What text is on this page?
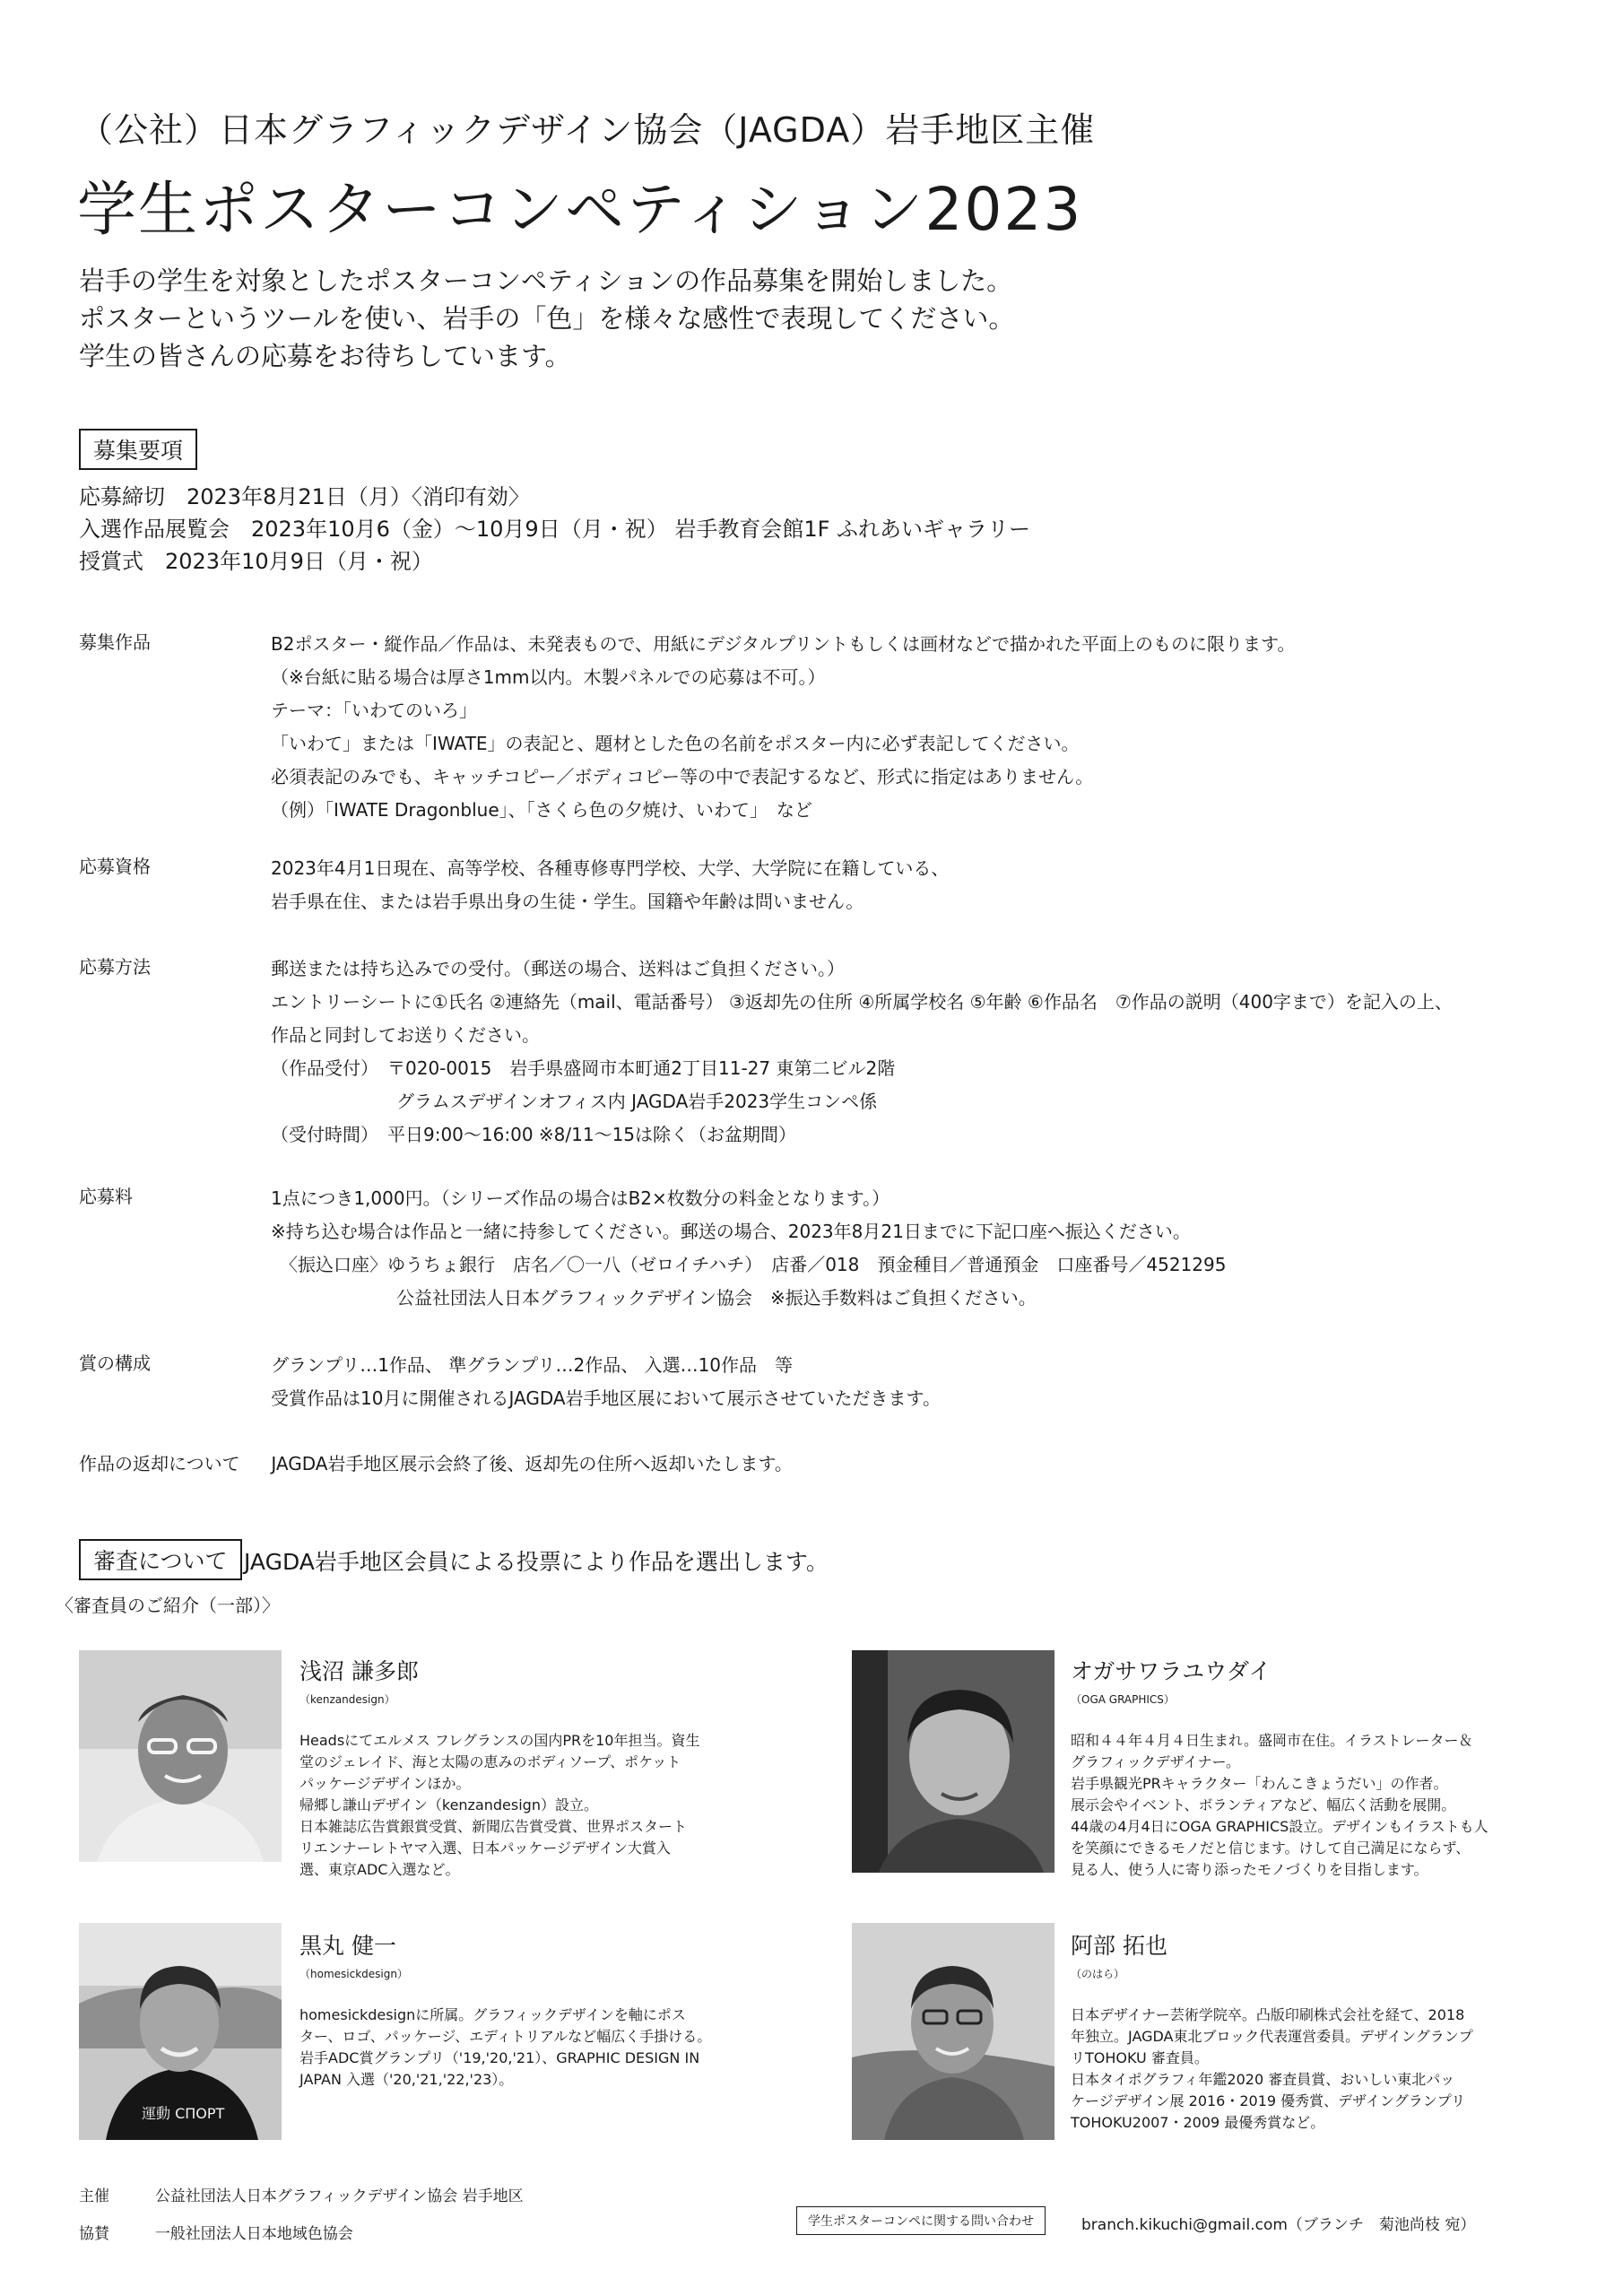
（公社）日本グラフィックデザイン協会（JAGDA）岩手地区主催
学生ポスターコンペティション2023
岩手の学生を対象としたポスターコンペティションの作品募集を開始しました。
ポスターというツールを使い、岩手の「色」を様々な感性で表現してください。
学生の皆さんの応募をお待ちしています。
募集要項
応募締切　2023年8月21日（月）〈消印有効〉
入選作品展覧会　2023年10月6（金）〜10月9日（月・祝） 岩手教育会館1F ふれあいギャラリー
授賞式　2023年10月9日（月・祝）
募集作品	B2ポスター・縦作品／作品は、未発表もので、用紙にデジタルプリントもしくは画材などで描かれた平面上のものに限ります。
（※台紙に貼る場合は厚さ1mm以内。木製パネルでの応募は不可。）
テーマ：「いわてのいろ」
「いわて」または「IWATE」の表記と、題材とした色の名前をポスター内に必ず表記してください。
必須表記のみでも、キャッチコピー／ボディコピー等の中で表記するなど、形式に指定はありません。
（例）「IWATE Dragonblue」、「さくら色の夕焼け、いわて」　など
応募資格	2023年4月1日現在、高等学校、各種専修専門学校、大学、大学院に在籍している、
岩手県在住、または岩手県出身の生徒・学生。国籍や年齢は問いません。
応募方法	郵送または持ち込みでの受付。（郵送の場合、送料はご負担ください。）
エントリーシートに①氏名 ②連絡先（mail、電話番号） ③返却先の住所 ④所属学校名 ⑤年齢 ⑥作品名　⑦作品の説明（400字まで）を記入の上、
作品と同封してお送りください。
（作品受付）　〒020-0015　岩手県盛岡市本町通2丁目11-27 東第二ビル2階
　　　　　　　グラムスデザインオフィス内 JAGDA岩手2023学生コンペ係
（受付時間）　平日9:00〜16:00 ※8/11〜15は除く（お盆期間）
応募料	1点につき1,000円。（シリーズ作品の場合はB2×枚数分の料金となります。）
※持ち込む場合は作品と一緒に持参してください。郵送の場合、2023年8月21日までに下記口座へ振込ください。
　〈振込口座〉ゆうちょ銀行　店名／〇一八（ゼロイチハチ）　店番／018　預金種目／普通預金　口座番号／4521295
　　　　　　　公益社団法人日本グラフィックデザイン協会　※振込手数料はご負担ください。
賞の構成	グランプリ…1作品、 準グランプリ…2作品、 入選…10作品　等
受賞作品は10月に開催されるJAGDA岩手地区展において展示させていただきます。
作品の返却について JAGDA岩手地区展示会終了後、返却先の住所へ返却いたします。
審査について JAGDA岩手地区会員による投票により作品を選出します。
〈審査員のご紹介（一部）〉
浅沼 謙多郎
（kenzandesign）
Headsにてエルメス フレグランスの国内PRを10年担当。資生
堂のジェレイド、海と太陽の恵みのボディソープ、ポケット
パッケージデザインほか。
帰郷し謙山デザイン（kenzandesign）設立。
日本雑誌広告賞銀賞受賞、新聞広告賞受賞、世界ポスタート
リエンナーレトヤマ入選、日本パッケージデザイン大賞入
選、東京ADC入選など。
オガサワラユウダイ
（OGA GRAPHICS）
昭和４４年４月４日生まれ。盛岡市在住。イラストレーター＆
グラフィックデザイナー。
岩手県観光PRキャラクター「わんこきょうだい」の作者。
展示会やイベント、ボランティアなど、幅広く活動を展開。
44歳の4月4日にOGA GRAPHICS設立。デザインもイラストも人
を笑顔にできるモノだと信じます。けして自己満足にならず、
見る人、使う人に寄り添ったモノづくりを目指します。
運動 СПОРТ
黒丸 健一
（homesickdesign）
homesickdesignに所属。グラフィックデザインを軸にポス
ター、ロゴ、パッケージ、エディトリアルなど幅広く手掛ける。
岩手ADC賞グランプリ（'19,'20,'21）、GRAPHIC DESIGN IN
JAPAN 入選（'20,'21,'22,'23）。
阿部 拓也
（のはら）
日本デザイナー芸術学院卒。凸版印刷株式会社を経て、2018
年独立。JAGDA東北ブロック代表運営委員。デザイングランプ
リTOHOKU 審査員。
日本タイポグラフィ年鑑2020 審査員賞、おいしい東北パッ
ケージデザイン展 2016・2019 優秀賞、デザイングランプリ
TOHOKU2007・2009 最優秀賞など。
主催	公益社団法人日本グラフィックデザイン協会 岩手地区
協賛	一般社団法人日本地域色協会
学生ポスターコンペに関する問い合わせ	branch.kikuchi@gmail.com（ブランチ　菊池尚枝 宛）
